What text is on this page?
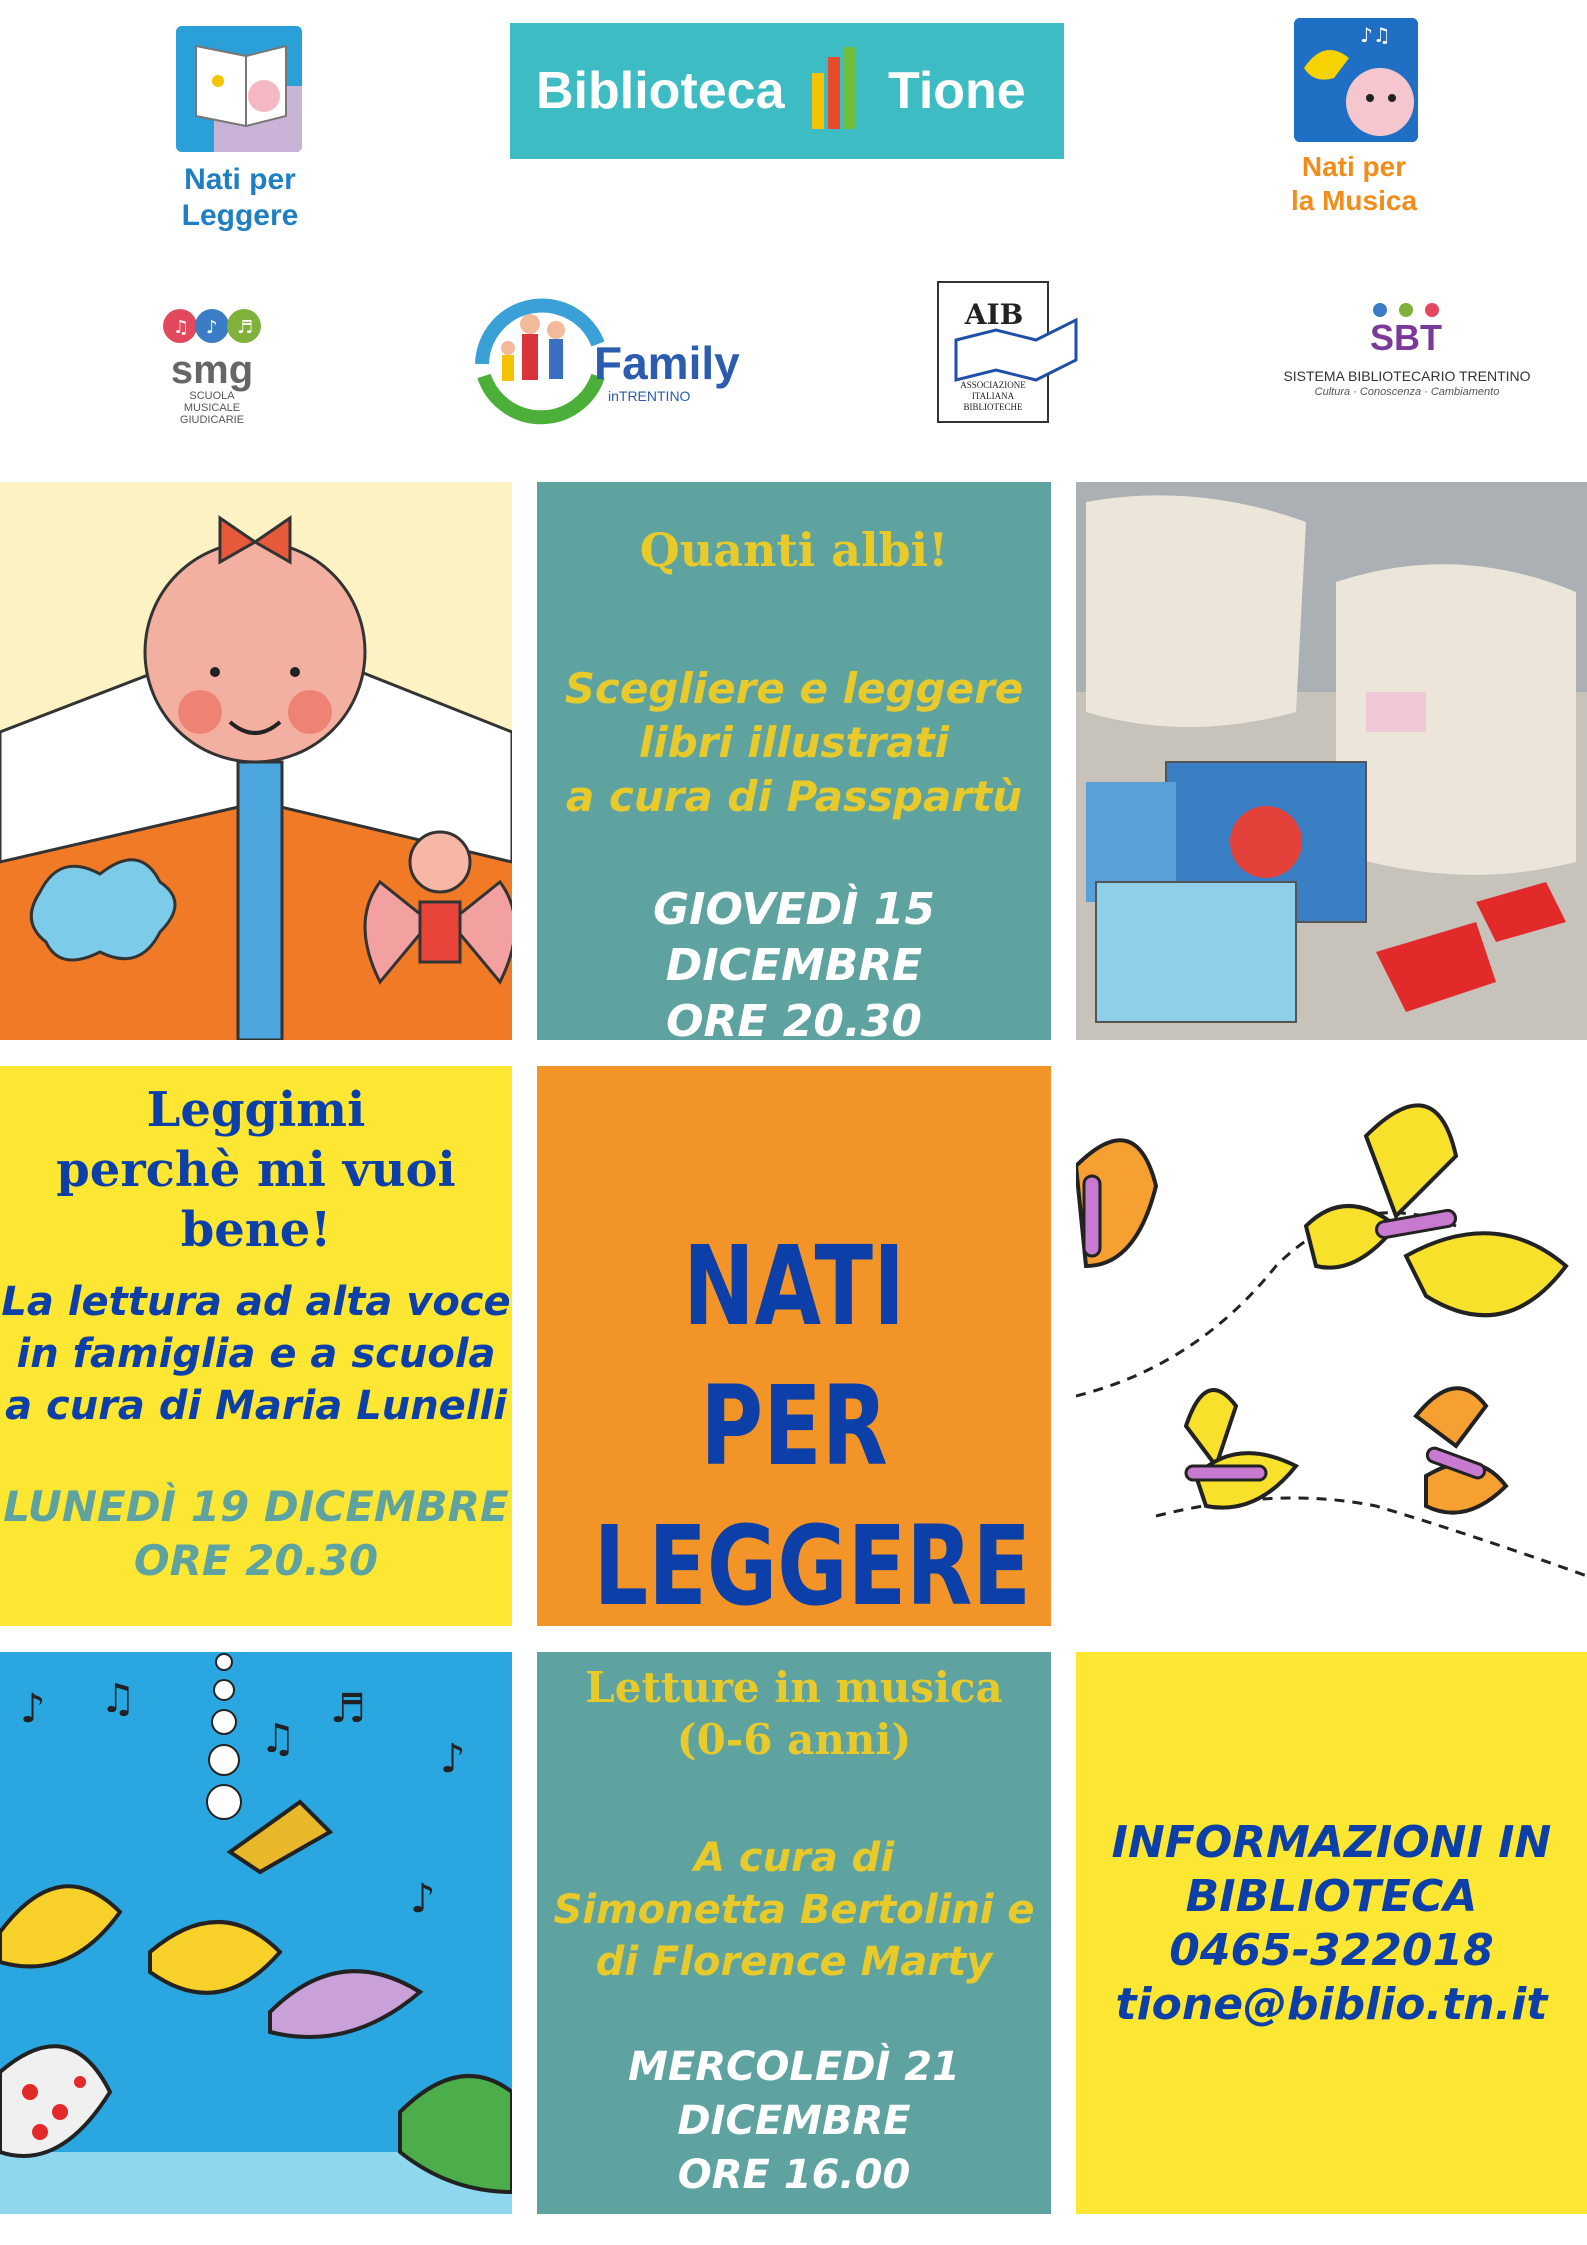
Nati per
Leggere
Biblioteca Tione
♪♫
Nati per
la Musica
♫ ♪ ♬
smg
SCUOLA
MUSICALE
GIUDICARIE
Family
inTRENTINO
AIB
ASSOCIAZIONE
ITALIANA
BIBLIOTECHE
SBT
SISTEMA BIBLIOTECARIO TRENTINO
Cultura · Conoscenza · Cambiamento
Quanti albi!
Scegliere e leggere
libri illustrati
a cura di Passpartù
GIOVEDÌ 15 DICEMBRE
ORE 20.30
Leggimi
perchè mi vuoi
bene!
La lettura ad alta voce
in famiglia e a scuola
a cura di Maria Lunelli
LUNEDÌ 19 DICEMBRE
ORE 20.30
NATI PER
LEGGERE
♪ ♫
♫
♬
♪
♪
Letture in musica
(0-6 anni)
A cura di
Simonetta Bertolini e
di Florence Marty
MERCOLEDÌ 21 DICEMBRE
ORE 16.00
INFORMAZIONI IN
BIBLIOTECA
0465-322018
tione@biblio.tn.it
